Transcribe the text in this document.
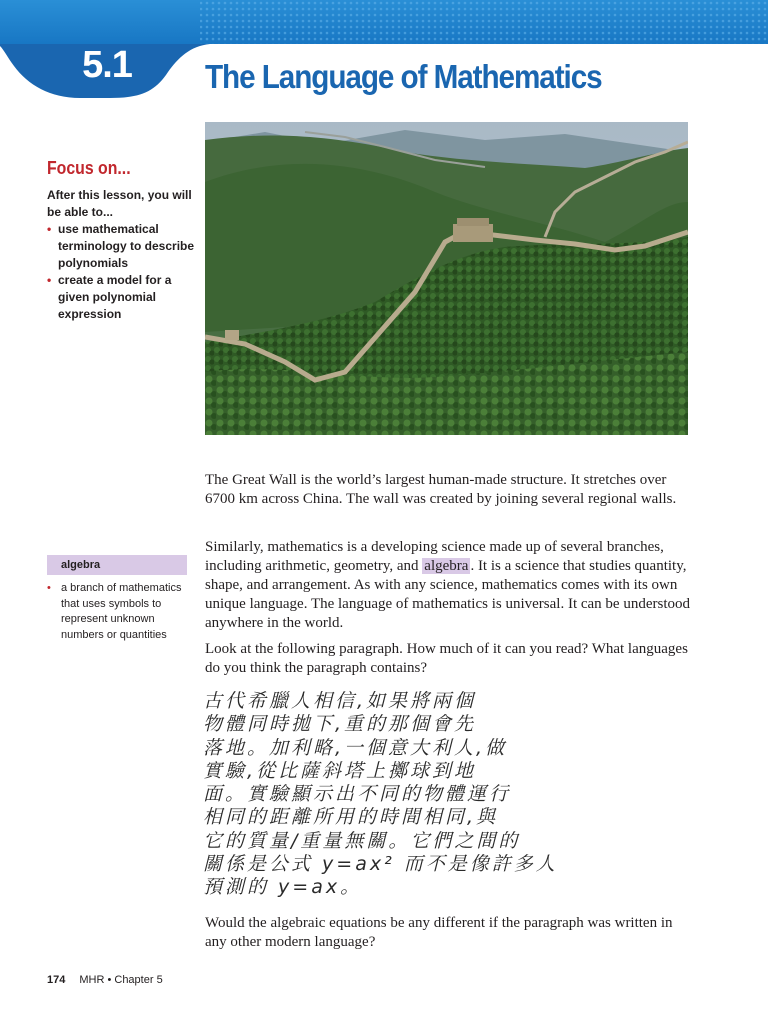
5.1	The Language of Mathematics
Focus on...

After this lesson, you will be able to...

• use mathematical terminology to describe polynomials
• create a model for a given polynomial expression

The Great Wall is the world’s largest human-made structure. It stretches over 6700 km across China. The wall was created by joining several regional walls.

Similarly, mathematics is a developing science made up of several branches, including arithmetic, geometry, and algebra . It is a science that studies quantity, shape, and arrangement. As with any science, mathematics comes with its own unique language. The language of mathematics is universal. It can be understood anywhere in the world.

Look at the following paragraph. How much of it can you read? What languages do you think the paragraph contains?

algebra
• a branch of mathematics that uses symbols to represent unknown numbers or quantities
古代希臘人相信,如果將兩個
物體同時拋下,重的那個會先
落地。加利略,一個意大利人,做
實驗,從比薩斜塔上擲球到地
面。實驗顯示出不同的物體運行
相同的距離所用的時間相同,與
它的質量/重量無關。它們之間的
關係是公式 y=ax² 而不是像許多人
預測的 y=ax。

Would the algebraic equations be any different if the paragraph was written in any other modern language?

174 MHR • Chapter 5
